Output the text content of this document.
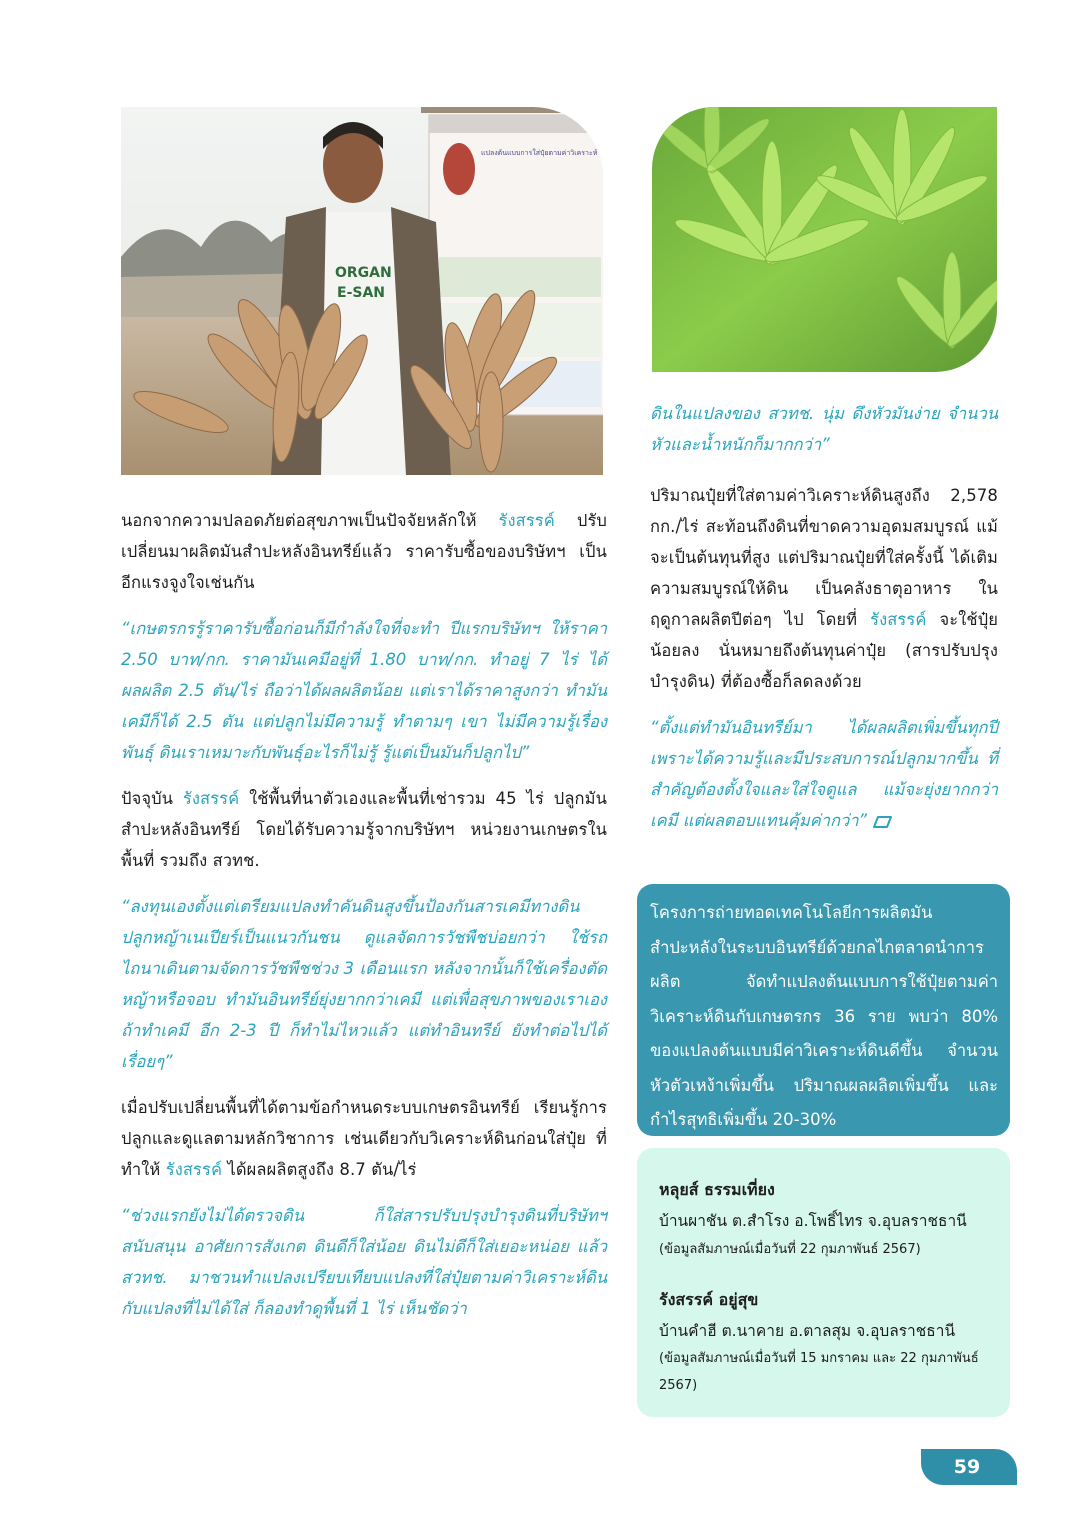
แปลงต้นแบบการใส่ปุ๋ยตามค่าวิเคราะห์
ORGAN
E-SAN

นอกจากความปลอดภัยต่อสุขภาพเป็นปัจจัยหลักให้ รังสรรค์ ปรับเปลี่ยนมาผลิตมันสำปะหลังอินทรีย์แล้ว ราคารับซื้อของบริษัทฯ เป็นอีกแรงจูงใจเช่นกัน

“เกษตรกรรู้ราคารับซื้อก่อนก็มีกำลังใจที่จะทำ ปีแรกบริษัทฯ ให้ราคา 2.50 บาท/กก. ราคามันเคมีอยู่ที่ 1.80 บาท/กก. ทำอยู่ 7 ไร่ ได้ผลผลิต 2.5 ตัน/ไร่ ถือว่าได้ผลผลิตน้อย แต่เราได้ราคาสูงกว่า ทำมันเคมีก็ได้ 2.5 ตัน แต่ปลูกไม่มีความรู้ ทำตามๆ เขา ไม่มีความรู้เรื่องพันธุ์ ดินเราเหมาะกับพันธุ์อะไรก็ไม่รู้ รู้แต่เป็นมันก็ปลูกไป”

ปัจจุบัน รังสรรค์ ใช้พื้นที่นาตัวเองและพื้นที่เช่ารวม 45 ไร่ ปลูกมันสำปะหลังอินทรีย์ โดยได้รับความรู้จากบริษัทฯ หน่วยงานเกษตรในพื้นที่ รวมถึง สวทช.

“ลงทุนเองตั้งแต่เตรียมแปลงทำคันดินสูงขึ้นป้องกันสารเคมีทางดิน ปลูกหญ้าเนเปียร์เป็นแนวกันชน ดูแลจัดการวัชพืชบ่อยกว่า ใช้รถไถนาเดินตามจัดการวัชพืชช่วง 3 เดือนแรก หลังจากนั้นก็ใช้เครื่องตัดหญ้าหรือจอบ ทำมันอินทรีย์ยุ่งยากกว่าเคมี แต่เพื่อสุขภาพของเราเอง ถ้าทำเคมี อีก 2-3 ปี ก็ทำไม่ไหวแล้ว แต่ทำอินทรีย์ ยังทำต่อไปได้เรื่อยๆ”

เมื่อปรับเปลี่ยนพื้นที่ได้ตามข้อกำหนดระบบเกษตรอินทรีย์ เรียนรู้การปลูกและดูแลตามหลักวิชาการ เช่นเดียวกับวิเคราะห์ดินก่อนใส่ปุ๋ย ที่ทำให้ รังสรรค์ ได้ผลผลิตสูงถึง 8.7 ตัน/ไร่

“ช่วงแรกยังไม่ได้ตรวจดิน ก็ใส่สารปรับปรุงบำรุงดินที่บริษัทฯ สนับสนุน อาศัยการสังเกต ดินดีก็ใส่น้อย ดินไม่ดีก็ใส่เยอะหน่อย แล้ว สวทช. มาชวนทำแปลงเปรียบเทียบแปลงที่ใส่ปุ๋ยตามค่าวิเคราะห์ดินกับแปลงที่ไม่ได้ใส่ ก็ลองทำดูพื้นที่ 1 ไร่ เห็นชัดว่า

ดินในแปลงของ สวทช. นุ่ม ดึงหัวมันง่าย จำนวนหัวและน้ำหนักก็มากกว่า”

ปริมาณปุ๋ยที่ใส่ตามค่าวิเคราะห์ดินสูงถึง 2,578 กก./ไร่ สะท้อนถึงดินที่ขาดความอุดมสมบูรณ์ แม้จะเป็นต้นทุนที่สูง แต่ปริมาณปุ๋ยที่ใส่ครั้งนี้ ได้เติมความสมบูรณ์ให้ดิน เป็นคลังธาตุอาหาร ในฤดูกาลผลิตปีต่อๆ ไป โดยที่ รังสรรค์ จะใช้ปุ๋ยน้อยลง นั่นหมายถึงต้นทุนค่าปุ๋ย (สารปรับปรุงบำรุงดิน) ที่ต้องซื้อก็ลดลงด้วย

“ตั้งแต่ทำมันอินทรีย์มา ได้ผลผลิตเพิ่มขึ้นทุกปี เพราะได้ความรู้และมีประสบการณ์ปลูกมากขึ้น ที่สำคัญต้องตั้งใจและใส่ใจดูแล แม้จะยุ่งยากกว่าเคมี แต่ผลตอบแทนคุ้มค่ากว่า”

โครงการถ่ายทอดเทคโนโลยีการผลิตมันสำปะหลังในระบบอินทรีย์ด้วยกลไกตลาดนำการผลิต จัดทำแปลงต้นแบบการใช้ปุ๋ยตามค่าวิเคราะห์ดินกับเกษตรกร 36 ราย พบว่า 80% ของแปลงต้นแบบมีค่าวิเคราะห์ดินดีขึ้น จำนวนหัวตัวเหง้าเพิ่มขึ้น ปริมาณผลผลิตเพิ่มขึ้น และกำไรสุทธิเพิ่มขึ้น 20-30%

หลุยส์ ธรรมเที่ยง
บ้านผาชัน ต.สำโรง อ.โพธิ์ไทร จ.อุบลราชธานี
(ข้อมูลสัมภาษณ์เมื่อวันที่ 22 กุมภาพันธ์ 2567)
รังสรรค์ อยู่สุข
บ้านคำฮี ต.นาคาย อ.ตาลสุม จ.อุบลราชธานี
(ข้อมูลสัมภาษณ์เมื่อวันที่ 15 มกราคม และ 22 กุมภาพันธ์ 2567)
59
